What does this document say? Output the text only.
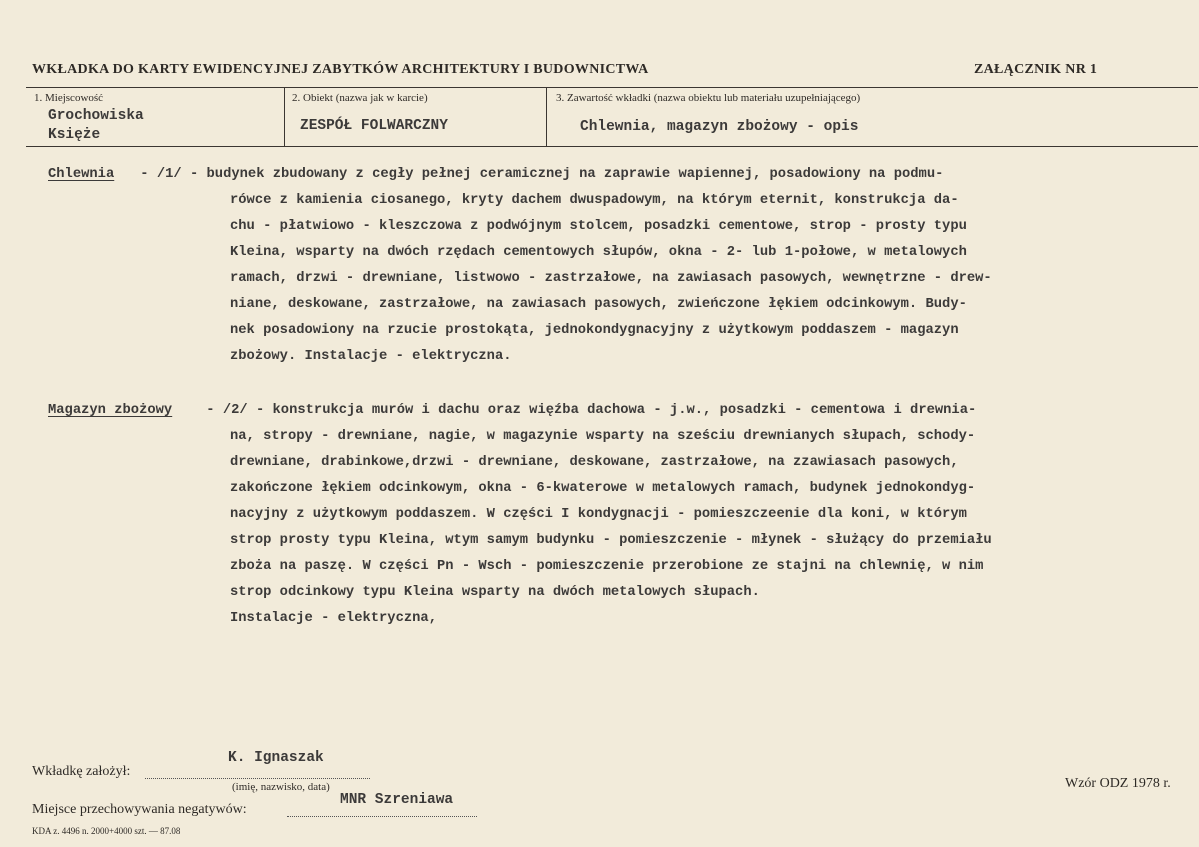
WKŁADKA DO KARTY EWIDENCYJNEJ ZABYTKÓW ARCHITEKTURY I BUDOWNICTWA	ZAŁĄCZNIK NR 1
1. Miejscowość
Grochowiska
Księże
2. Obiekt (nazwa jak w karcie)
ZESPÓŁ FOLWARCZNY
3. Zawartość wkładki (nazwa obiektu lub materiału uzupełniającego)
Chlewnia, magazyn zbożowy - opis
Chlewnia - /1/ - budynek zbudowany z cegły pełnej ceramicznej na zaprawie wapiennej, posadowiony na podmu-
rówce z kamienia ciosanego, kryty dachem dwuspadowym, na którym eternit, konstrukcja da-
chu - płatwiowo - kleszczowa z podwójnym stolcem, posadzki cementowe, strop - prosty typu
Kleina, wsparty na dwóch rzędach cementowych słupów, okna - 2- lub 1-połowe, w metalowych
ramach, drzwi - drewniane, listwowo - zastrzałowe, na zawiasach pasowych, wewnętrzne - drew-
niane, deskowane, zastrzałowe, na zawiasach pasowych, zwieńczone łękiem odcinkowym. Budy-
nek posadowiony na rzucie prostokąta, jednokondygnacyjny z użytkowym poddaszem - magazyn
zbożowy. Instalacje - elektryczna.
Magazyn zbożowy - /2/ - konstrukcja murów i dachu oraz więźba dachowa - j.w., posadzki - cementowa i drewnia-
na, stropy - drewniane, nagie, w magazynie wsparty na sześciu drewnianych słupach, schody-
drewniane, drabinkowe,drzwi - drewniane, deskowane, zastrzałowe, na zzawiasach pasowych,
zakończone łękiem odcinkowym, okna - 6-kwaterowe w metalowych ramach, budynek jednokondyg-
nacyjny z użytkowym poddaszem. W części I kondygnacji - pomieszczeenie dla koni, w którym
strop prosty typu Kleina, wtym samym budynku - pomieszczenie - młynek - służący do przemiału
zboża na paszę. W części Pn - Wsch - pomieszczenie przerobione ze stajni na chlewnię, w nim
strop odcinkowy typu Kleina wsparty na dwóch metalowych słupach.
Instalacje - elektryczna,
K. Ignaszak
Wkładkę założył:
(imię, nazwisko, data)
MNR Szreniawa
Miejsce przechowywania negatywów:
KDA z. 4496 n. 2000+4000 szt. — 87.08
Wzór ODZ 1978 r.
